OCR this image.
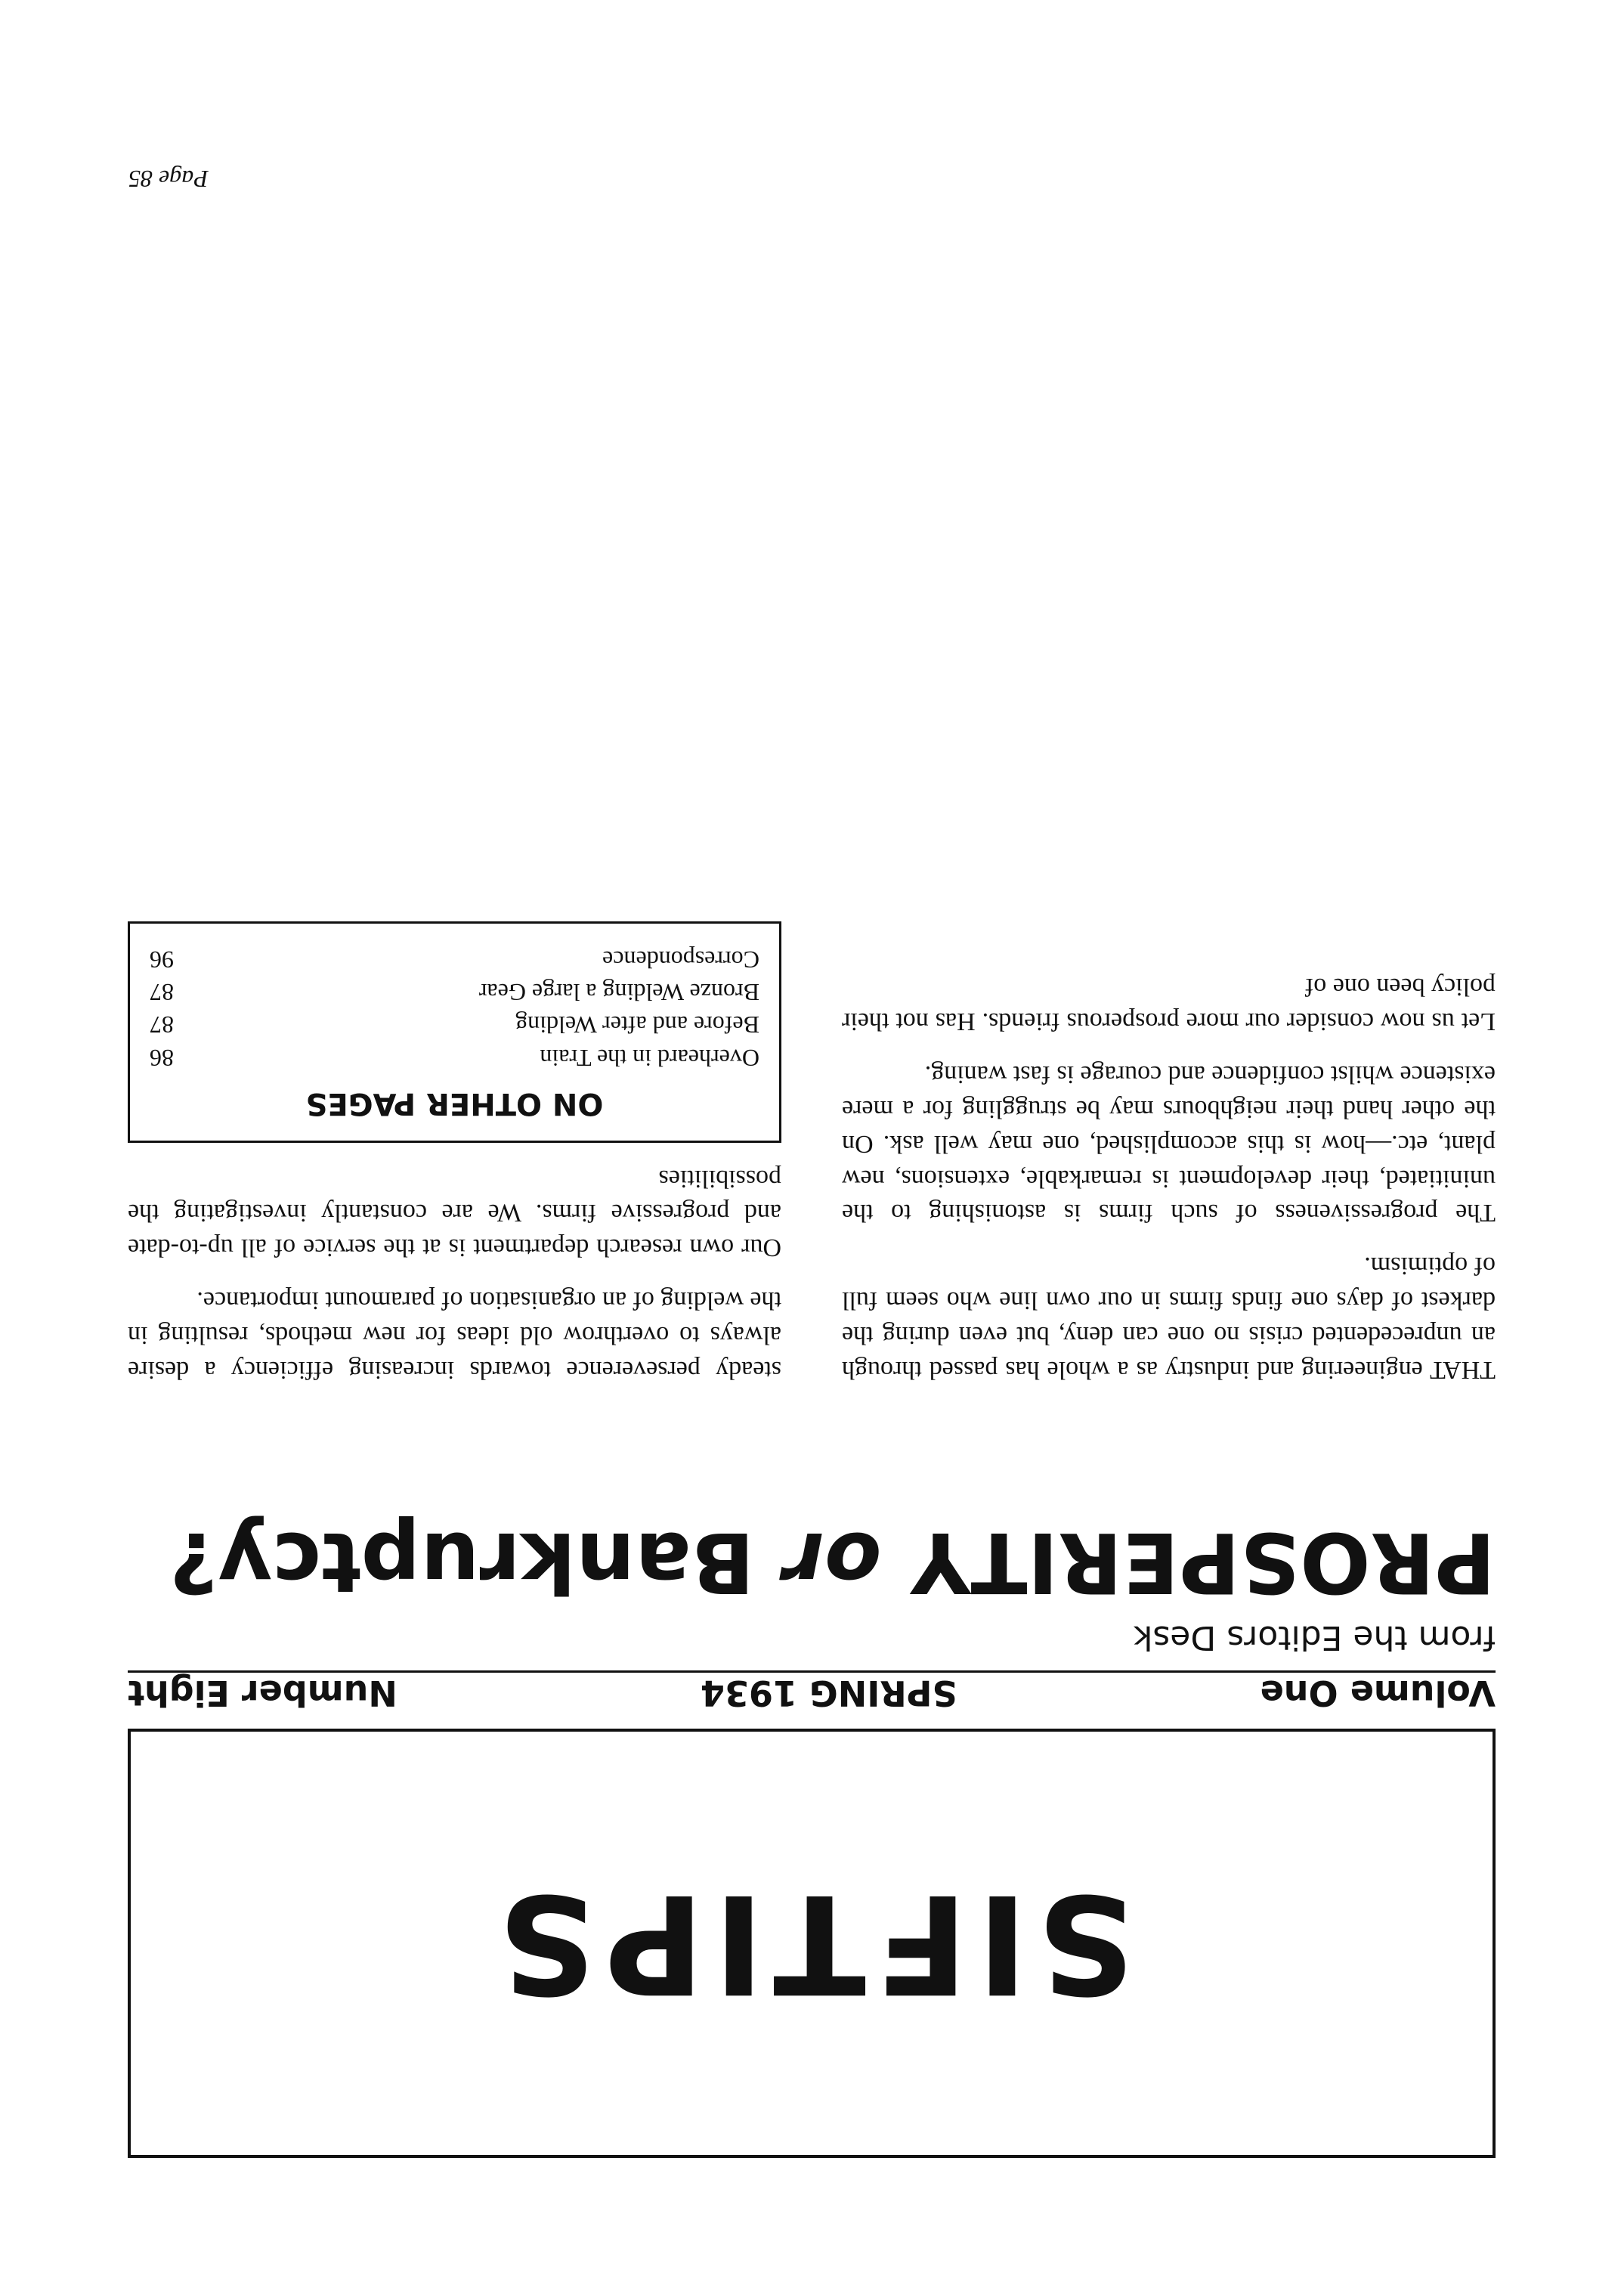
SIFTIPS
Volume One
SPRING 1934
Number Eight
from the Editors Desk
PROSPERITY or Bankruptcy?

THAT engineering and industry as a whole has passed through an unprecedented crisis no one can deny, but even during the darkest of days one finds firms in our own line who seem full of optimism.

The progressiveness of such firms is astonishing to the uninitiated, their development is remarkable, extensions, new plant, etc.—how is this accomplished, one may well ask. On the other hand their neighbours may be struggling for a mere existence whilst confidence and courage is fast waning.

Let us now consider our more prosperous friends. Has not their policy been one of

steady perseverence towards increasing efficiency a desire always to overthrow old ideas for new methods, resulting in the welding of an organisation of paramount importance.

Our own research department is at the service of all up-to-date and progressive firms. We are constantly investigating the possibilities

ON OTHER PAGES
Overheard in the Train
86
Before and after Welding
87
Bronze Welding a large Gear
87
Correspondence
96
Page 85
